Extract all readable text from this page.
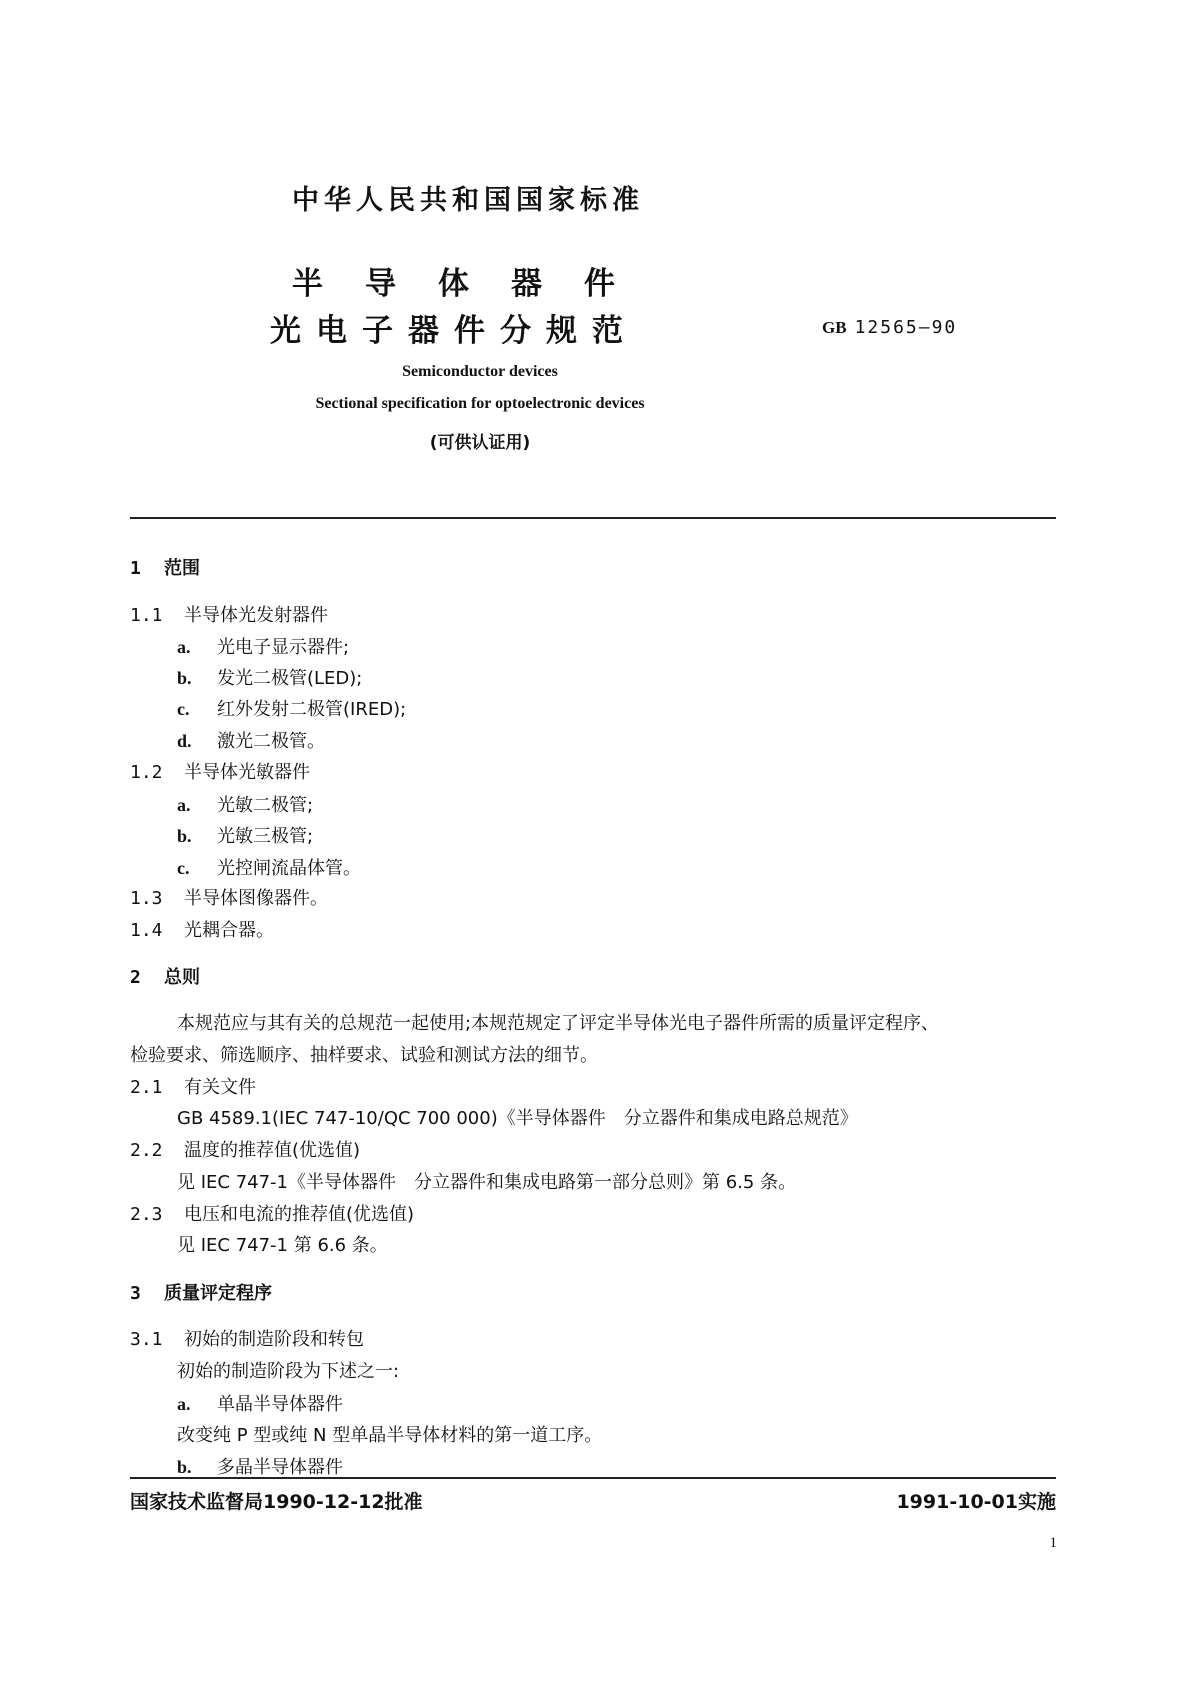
中华人民共和国国家标准
半导体器件
光电子器件分规范	GB 12565—90
Semiconductor devices
Sectional specification for optoelectronic devices
(可供认证用)
1 范围
1.1 半导体光发射器件
a. 光电子显示器件;
b. 发光二极管(LED);
c. 红外发射二极管(IRED);
d. 激光二极管。
1.2 半导体光敏器件
a. 光敏二极管;
b. 光敏三极管;
c. 光控闸流晶体管。
1.3 半导体图像器件。
1.4 光耦合器。
2 总则
本规范应与其有关的总规范一起使用;本规范规定了评定半导体光电子器件所需的质量评定程序、
检验要求、筛选顺序、抽样要求、试验和测试方法的细节。
2.1 有关文件
GB 4589.1(IEC 747-10/QC 700 000)《半导体器件　分立器件和集成电路总规范》
2.2 温度的推荐值(优选值)
见 IEC 747-1《半导体器件　分立器件和集成电路第一部分总则》第 6.5 条。
2.3 电压和电流的推荐值(优选值)
见 IEC 747-1 第 6.6 条。
3 质量评定程序
3.1 初始的制造阶段和转包
初始的制造阶段为下述之一:
a. 单晶半导体器件
改变纯 P 型或纯 N 型单晶半导体材料的第一道工序。
b. 多晶半导体器件
国家技术监督局1990-12-12批准	1991-10-01实施
1
